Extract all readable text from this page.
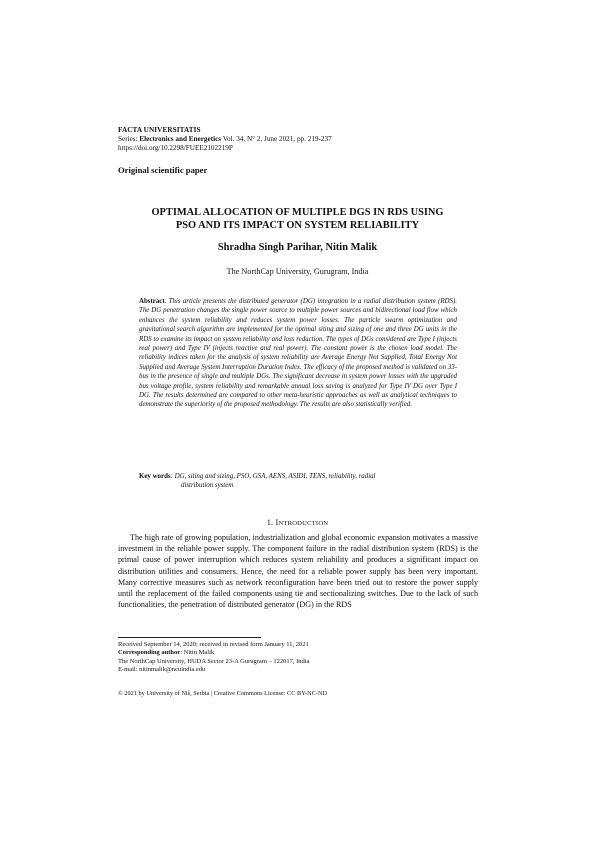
FACTA UNIVERSITATIS
Series: Electronics and Energetics Vol. 34, N° 2, June 2021, pp. 219-237
https://doi.org/10.2298/FUEE2102219P
Original scientific paper
OPTIMAL ALLOCATION OF MULTIPLE DGS IN RDS USING
PSO AND ITS IMPACT ON SYSTEM RELIABILITY
Shradha Singh Parihar, Nitin Malik
The NorthCap University, Gurugram, India
Abstract. This article presents the distributed generator (DG) integration in a radial distribution system (RDS). The DG penetration changes the single power source to multiple power sources and bidirectional load flow which enhances the system reliability and reduces system power losses. The particle swarm optimization and gravitational search algorithm are implemented for the optimal siting and sizing of one and three DG units in the RDS to examine its impact on system reliability and loss reduction. The types of DGs considered are Type I (injects real power) and Type IV (injects reactive and real power). The constant power is the chosen load model. The reliability indices taken for the analysis of system reliability are Average Energy Not Supplied, Total Energy Not Supplied and Average System Interruption Duration Index. The efficacy of the proposed method is validated on 33-bus in the presence of single and multiple DGs. The significant decrease in system power losses with the upgraded bus voltage profile, system reliability and remarkable annual loss saving is analyzed for Type IV DG over Type I DG. The results determined are compared to other meta-heuristic approaches as well as analytical techniques to demonstrate the superiority of the proposed methodology. The results are also statistically verified.
Key words: DG, siting and sizing, PSO, GSA, AENS, ASIDI, TENS, reliability, radial
distribution system
1. INTRODUCTION

The high rate of growing population, industrialization and global economic expansion motivates a massive investment in the reliable power supply. The component failure in the radial distribution system (RDS) is the primal cause of power interruption which reduces system reliability and produces a significant impact on distribution utilities and consumers. Hence, the need for a reliable power supply has been very important. Many corrective measures such as network reconfiguration have been tried out to restore the power supply until the replacement of the failed components using tie and sectionalizing switches. Due to the lack of such functionalities, the penetration of distributed generator (DG) in the RDS

Received September 14, 2020; received in revised form January 11, 2021
Corresponding author: Nitin Malik
The NorthCap University, HUDA Sector 23-A Gurugram – 122017, India
E-mail: nitinmalik@ncuindia.edu
© 2021 by University of Niš, Serbia | Creative Commons License: CC BY-NC-ND
